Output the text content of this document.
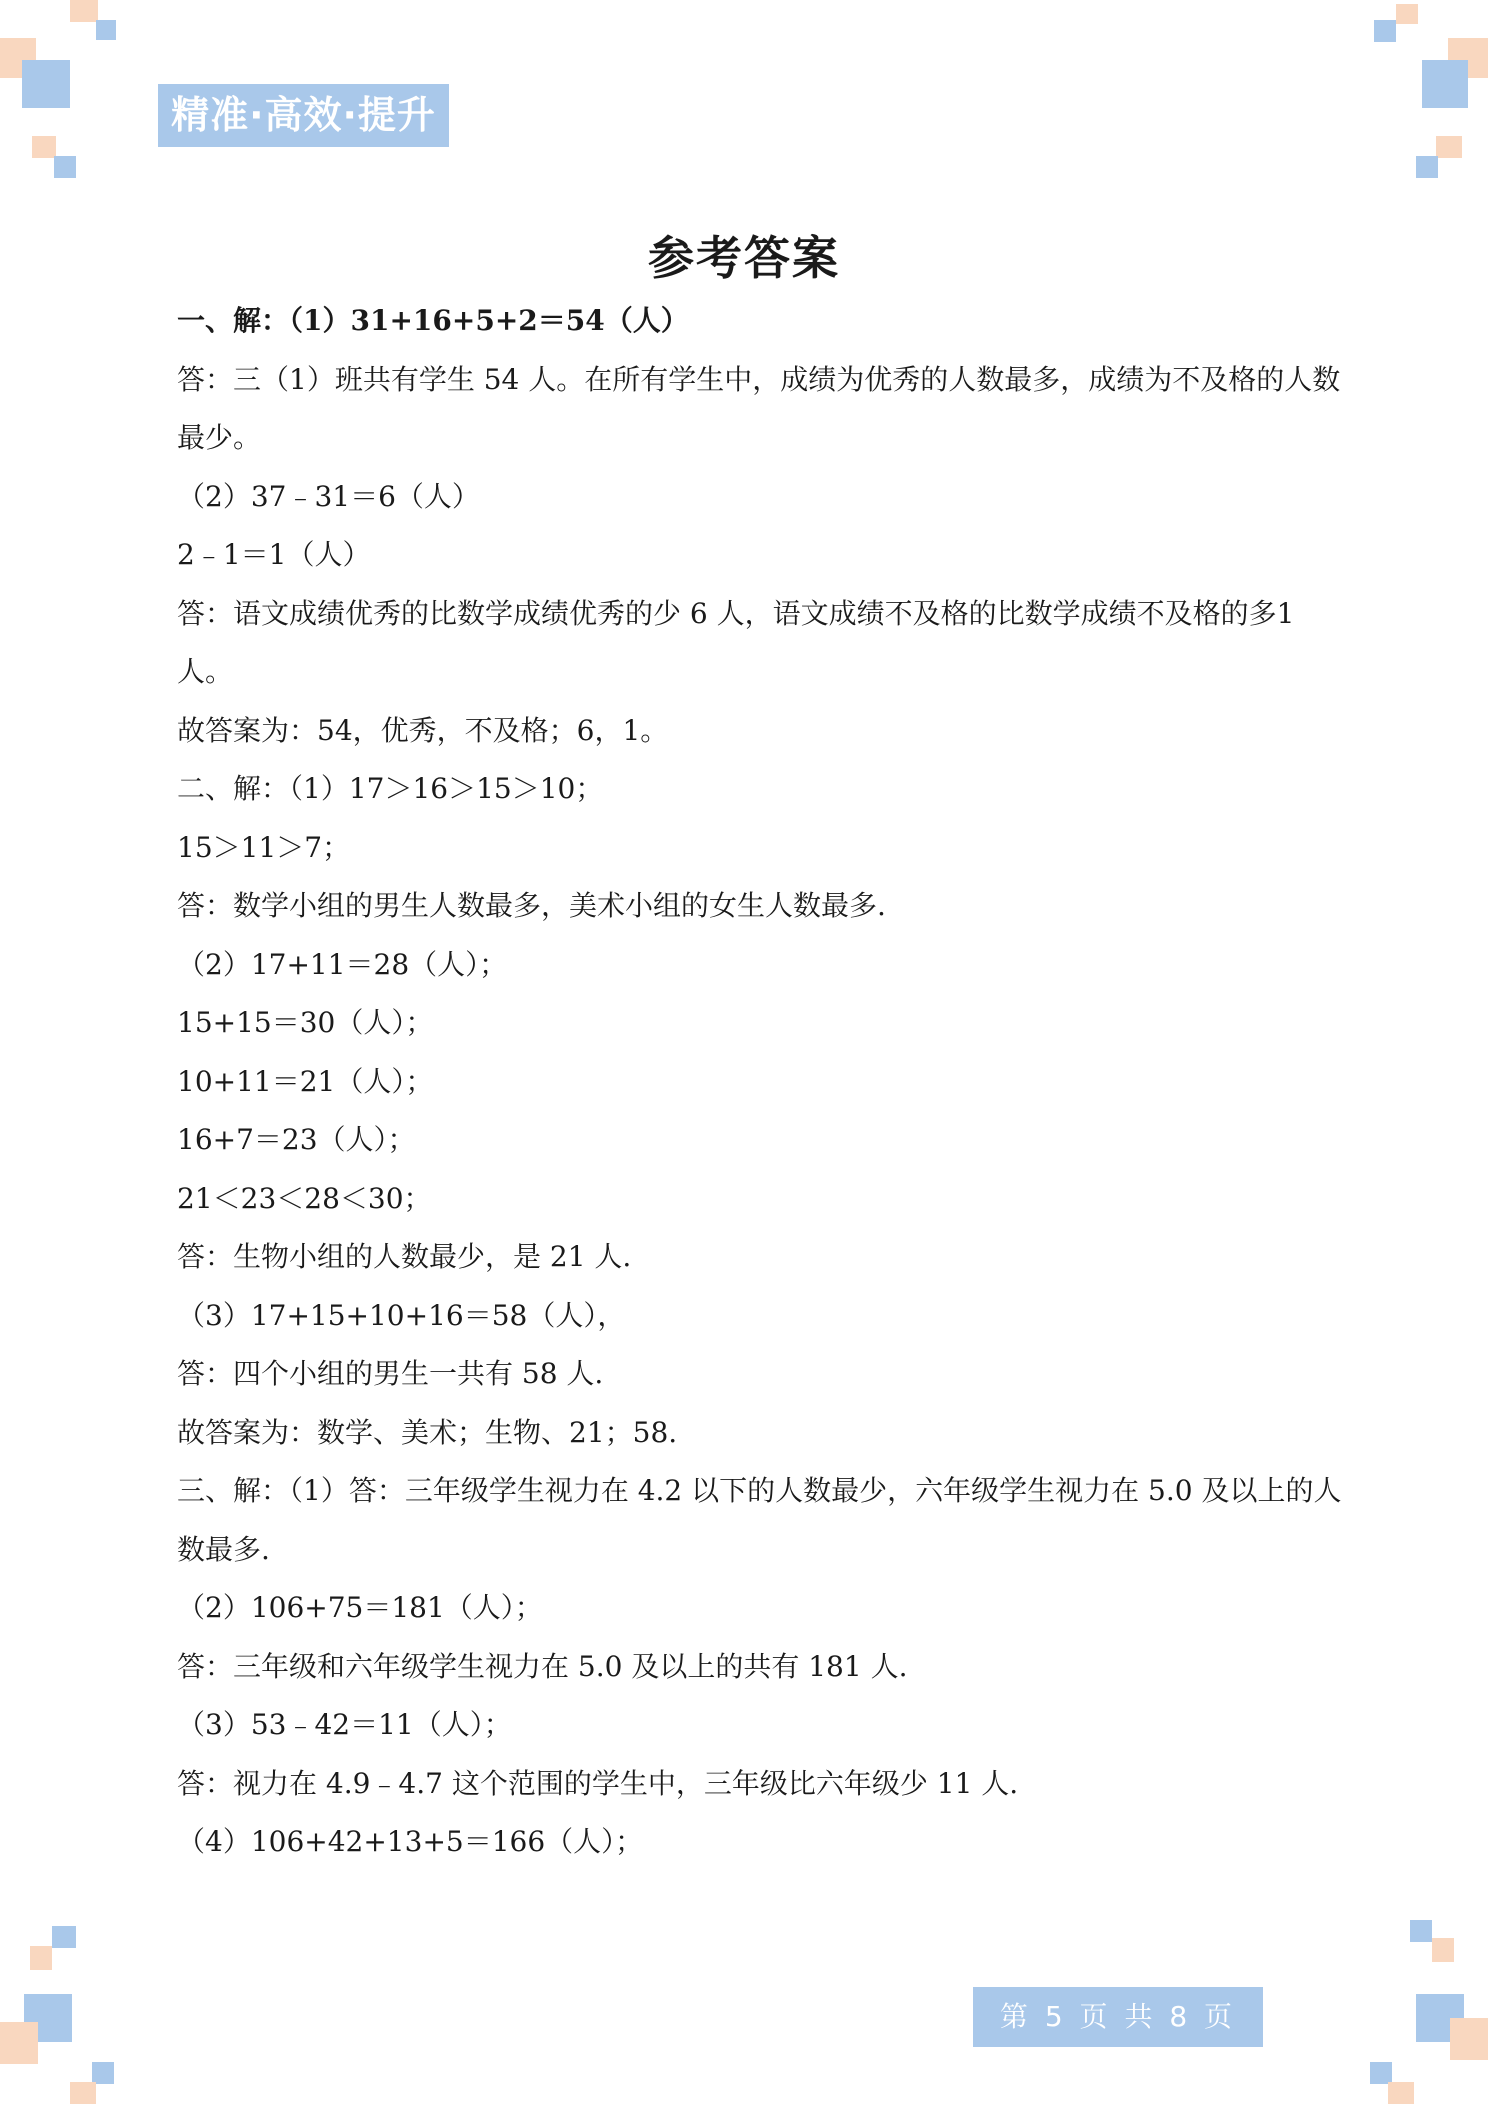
精准·高效·提升
参考答案

一、解：（1）31+16+5+2＝54（人）

答：三（1）班共有学生 54 人。在所有学生中，成绩为优秀的人数最多，成绩为不及格的人数最少。

（2）37﹣31＝6（人）

2﹣1＝1（人）

答：语文成绩优秀的比数学成绩优秀的少 6 人，语文成绩不及格的比数学成绩不及格的多1 人。

故答案为：54，优秀，不及格；6，1。

二、解：（1）17＞16＞15＞10；

15＞11＞7；

答：数学小组的男生人数最多，美术小组的女生人数最多.

（2）17+11＝28（人）；

15+15＝30（人）；

10+11＝21（人）；

16+7＝23（人）；

21＜23＜28＜30；

答：生物小组的人数最少，是 21 人.

（3）17+15+10+16＝58（人），

答：四个小组的男生一共有 58 人.

故答案为：数学、美术；生物、21；58.

三、解：（1）答：三年级学生视力在 4.2 以下的人数最少，六年级学生视力在 5.0 及以上的人数最多.

（2）106+75＝181（人）；

答：三年级和六年级学生视力在 5.0 及以上的共有 181 人.

（3）53﹣42＝11（人）；

答：视力在 4.9﹣4.7 这个范围的学生中，三年级比六年级少 11 人.

（4）106+42+13+5＝166（人）；

第 5 页 共 8 页
